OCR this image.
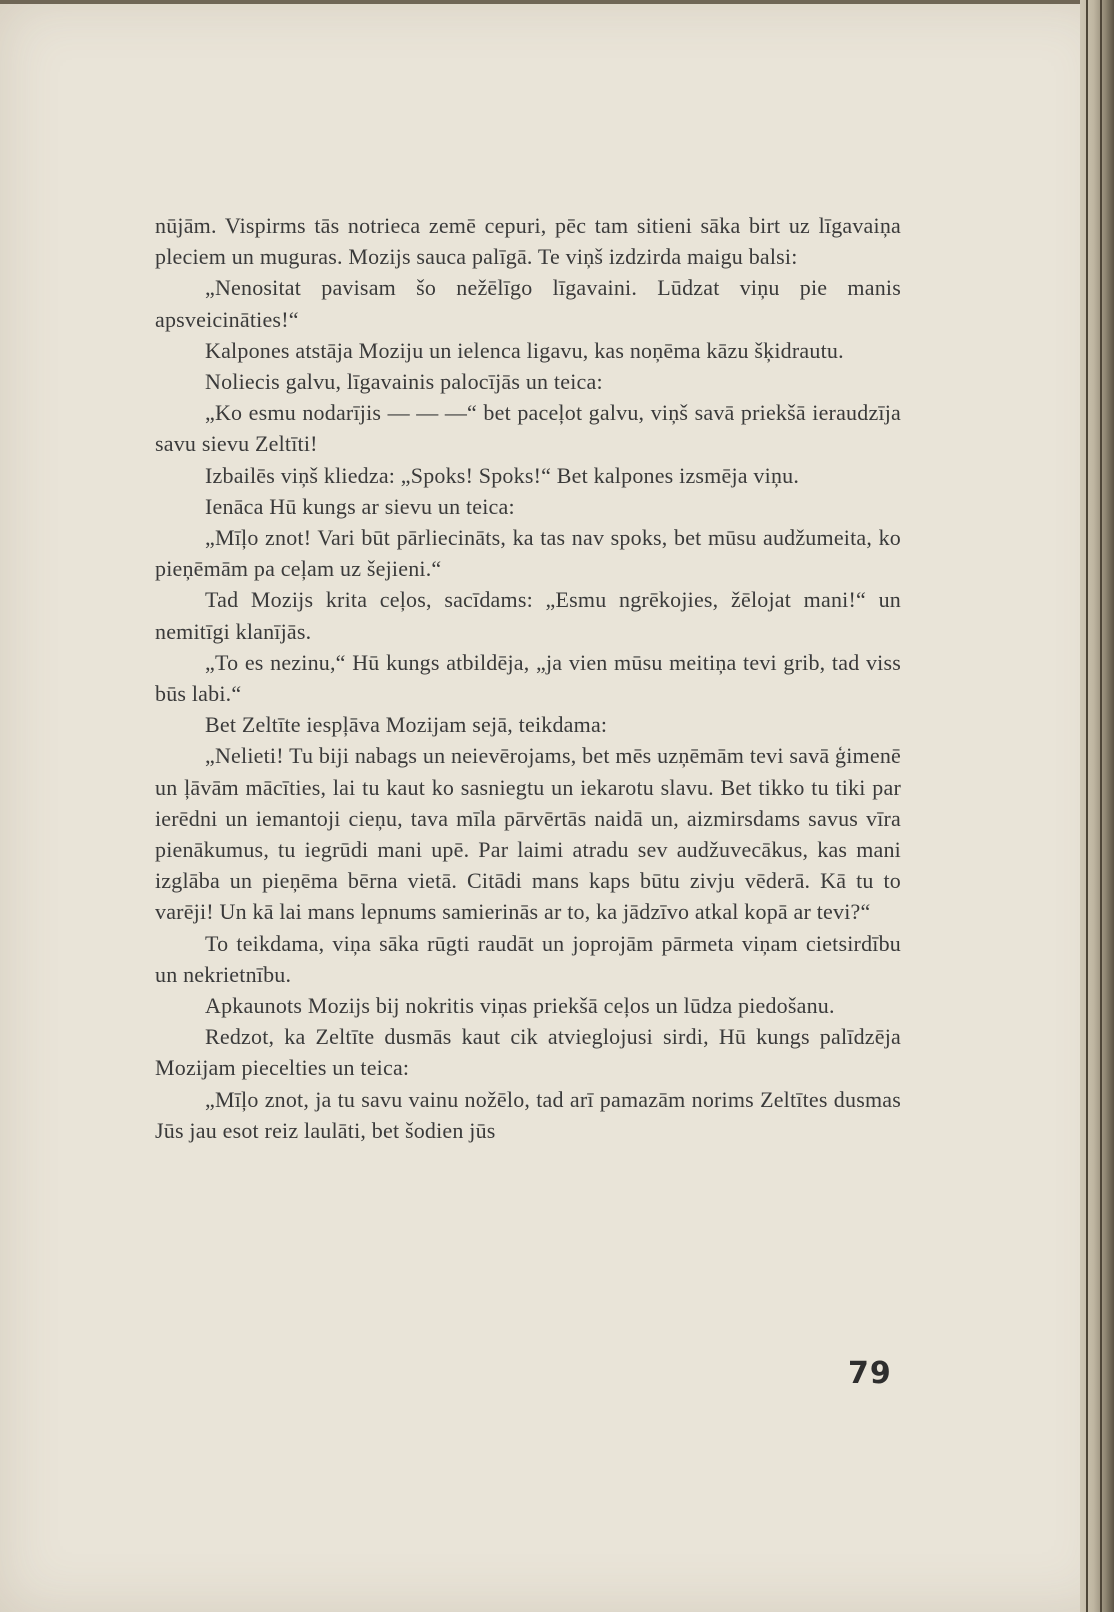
nūjām. Vispirms tās notrieca zemē cepuri, pēc tam sitieni sāka birt uz līgavaiņa pleciem un muguras. Mozijs sauca palīgā. Te viņš izdzirda maigu balsi:

„Nenositat pavisam šo nežēlīgo līgavaini. Lūdzat viņu pie manis apsveicināties!“

Kalpones atstāja Moziju un ielenca ligavu, kas noņēma kāzu šķidrautu.

Noliecis galvu, līgavainis palocījās un teica:

„Ko esmu nodarījis — — —“ bet paceļot galvu, viņš savā priekšā ieraudzīja savu sievu Zeltīti!

Izbailēs viņš kliedza: „Spoks! Spoks!“ Bet kalpones izsmēja viņu.

Ienāca Hū kungs ar sievu un teica:

„Mīļo znot! Vari būt pārliecināts, ka tas nav spoks, bet mūsu audžumeita, ko pieņēmām pa ceļam uz šejieni.“

Tad Mozijs krita ceļos, sacīdams: „Esmu ngrēkojies, žēlojat mani!“ un nemitīgi klanījās.

„To es nezinu,“ Hū kungs atbildēja, „ja vien mūsu meitiņa tevi grib, tad viss būs labi.“

Bet Zeltīte iespļāva Mozijam sejā, teikdama:

„Nelieti! Tu biji nabags un neievērojams, bet mēs uzņēmām tevi savā ģimenē un ļāvām mācīties, lai tu kaut ko sasniegtu un iekarotu slavu. Bet tikko tu tiki par ierēdni un iemantoji cieņu, tava mīla pārvērtās naidā un, aizmirsdams savus vīra pienākumus, tu iegrūdi mani upē. Par laimi atradu sev audžuvecākus, kas mani izglāba un pieņēma bērna vietā. Citādi mans kaps būtu zivju vēderā. Kā tu to varēji! Un kā lai mans lepnums samierinās ar to, ka jādzīvo atkal kopā ar tevi?“

To teikdama, viņa sāka rūgti raudāt un joprojām pārmeta viņam cietsirdību un nekrietnību.

Apkaunots Mozijs bij nokritis viņas priekšā ceļos un lūdza piedošanu.

Redzot, ka Zeltīte dusmās kaut cik atvieglojusi sirdi, Hū kungs palīdzēja Mozijam piecelties un teica:

„Mīļo znot, ja tu savu vainu nožēlo, tad arī pamazām norims Zeltītes dusmas Jūs jau esot reiz laulāti, bet šodien jūs

79
